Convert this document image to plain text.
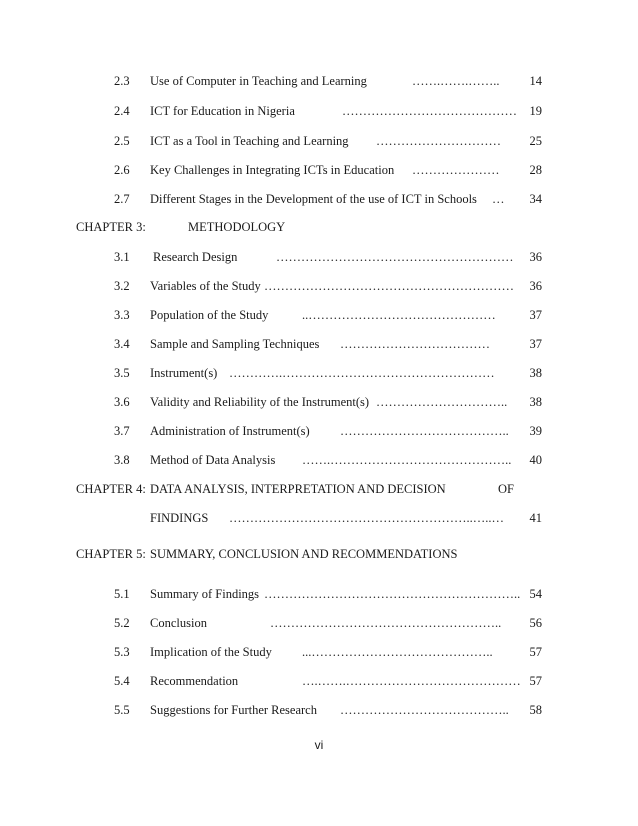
2.3 Use of Computer in Teaching and Learning	…….…….……..	14
2.4 ICT for Education in Nigeria	……………………………………	19
2.5 ICT as a Tool in Teaching and Learning …………………………	25
2.6 Key Challenges in Integrating ICTs in Education …………………	28
2.7 Different Stages in the Development of the use of ICT in Schools …	34
CHAPTER 3:	METHODOLOGY
3.1 Research Design	…………………………………………………	36
3.2 Variables of the Study ……………………………………………………	36
3.3 Population of the Study	..………………………………………	37
3.4 Sample and Sampling Techniques ………………………………	37
3.5 Instrument(s) ………….……………………………………………	38
3.6 Validity and Reliability of the Instrument(s) …………………………..	38
3.7 Administration of Instrument(s) …………………………………..	39
3.8 Method of Data Analysis …….……………………………………..	40
CHAPTER 4: DATA ANALYSIS, INTERPRETATION AND DECISION	OF
FINDINGS …………………………………………………..…..…	41
CHAPTER 5: SUMMARY, CONCLUSION AND RECOMMENDATIONS
5.1 Summary of Findings …………………………………………………….. 54
5.2 Conclusion	………………………………………………..	56
5.3 Implication of the Study ...……………………………………..	57
5.4 Recommendation	….…….…………………………………… 57
5.5 Suggestions for Further Research …………………………………..	58
vi
